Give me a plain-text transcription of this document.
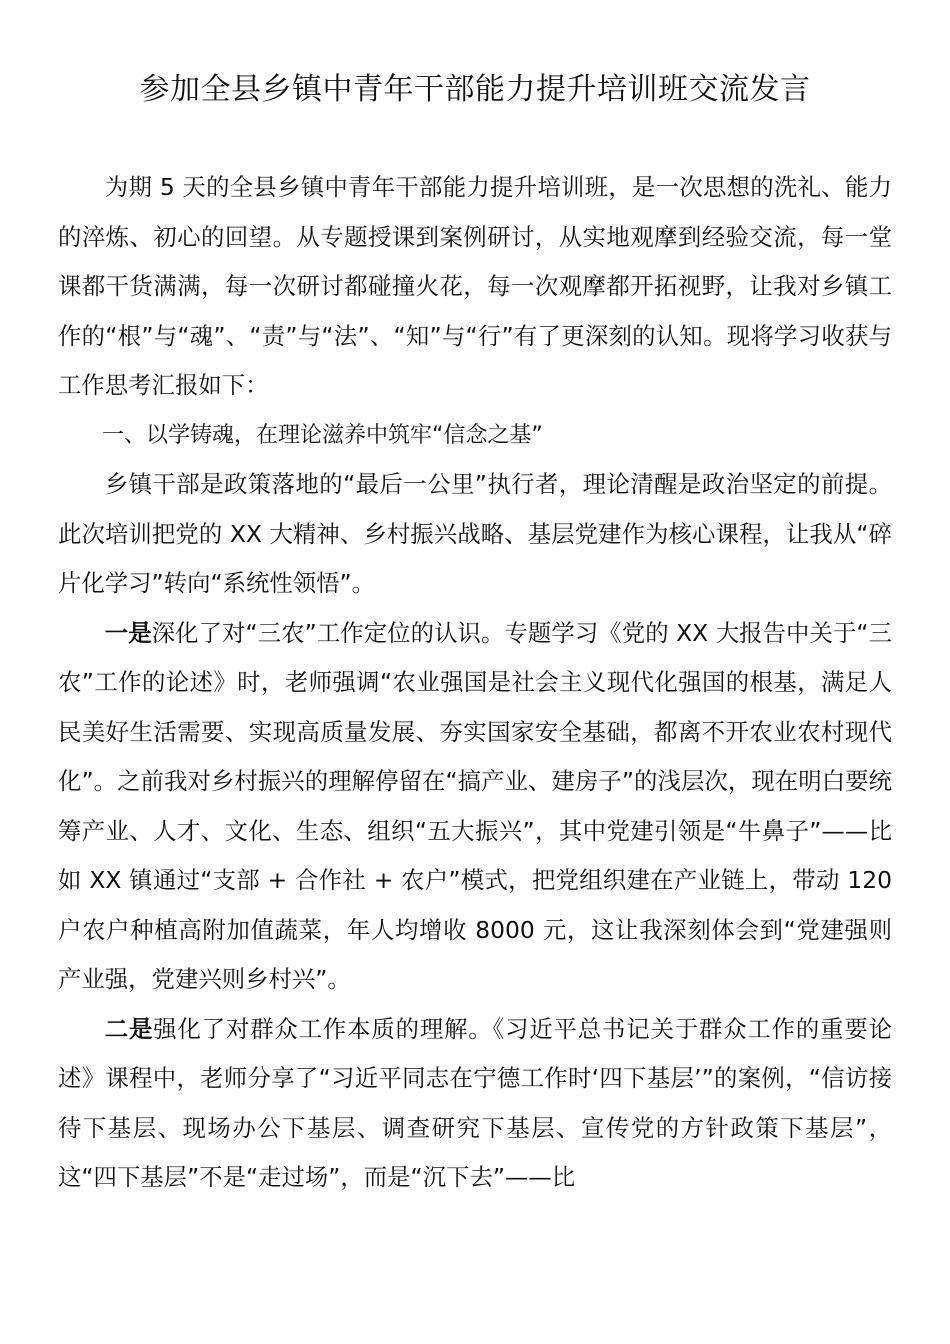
参加全县乡镇中青年干部能力提升培训班交流发言

为期 5 天的全县乡镇中青年干部能力提升培训班，是一次思想的洗礼、能力的淬炼、初心的回望。从专题授课到案例研讨，从实地观摩到经验交流，每一堂课都干货满满，每一次研讨都碰撞火花，每一次观摩都开拓视野，让我对乡镇工作的“根”与“魂”、“责”与“法”、“知”与“行”有了更深刻的认知。现将学习收获与工作思考汇报如下：

一、以学铸魂，在理论滋养中筑牢“信念之基”

乡镇干部是政策落地的“最后一公里”执行者，理论清醒是政治坚定的前提。此次培训把党的 XX 大精神、乡村振兴战略、基层党建作为核心课程，让我从“碎片化学习”转向“系统性领悟”。

一是深化了对“三农”工作定位的认识。专题学习《党的 XX 大报告中关于“三农”工作的论述》时，老师强调“农业强国是社会主义现代化强国的根基，满足人民美好生活需要、实现高质量发展、夯实国家安全基础，都离不开农业农村现代化”。之前我对乡村振兴的理解停留在“搞产业、建房子”的浅层次，现在明白要统筹产业、人才、文化、生态、组织“五大振兴”，其中党建引领是“牛鼻子”——比如 XX 镇通过“支部 + 合作社 + 农户”模式，把党组织建在产业链上，带动 120 户农户种植高附加值蔬菜，年人均增收 8000 元，这让我深刻体会到“党建强则产业强，党建兴则乡村兴”。

二是强化了对群众工作本质的理解。《习近平总书记关于群众工作的重要论述》课程中，老师分享了“习近平同志在宁德工作时‘四下基层’”的案例，“信访接待下基层、现场办公下基层、调查研究下基层、宣传党的方针政策下基层”，这“四下基层”不是“走过场”，而是“沉下去”——比
